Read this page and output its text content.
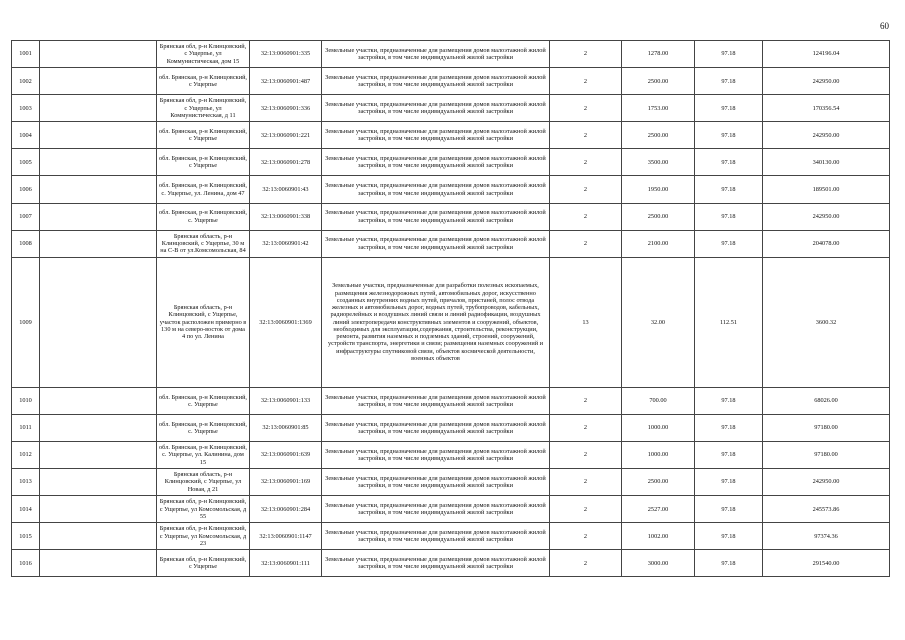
60
1001		Брянская обл, р-н Клинцовский, с Ущерпье, ул Коммунистическая, дом 15	32:13:0060901:335	Земельные участки, предназначенные для размещения домов малоэтажной жилой застройки, в том числе индивидуальной жилой застройки	2	1278.00	97.18	124196.04
1002		обл. Брянская, р-н Клинцовский, с Ущерпье	32:13:0060901:487	Земельные участки, предназначенные для размещения домов малоэтажной жилой застройки, в том числе индивидуальной жилой застройки	2	2500.00	97.18	242950.00
1003		Брянская обл, р-н Клинцовский, с Ущерпье, ул Коммунистическая, д 11	32:13:0060901:336	Земельные участки, предназначенные для размещения домов малоэтажной жилой застройки, в том числе индивидуальной жилой застройки	2	1753.00	97.18	170356.54
1004		обл. Брянская, р-н Клинцовский, с Ущерпье	32:13:0060901:221	Земельные участки, предназначенные для размещения домов малоэтажной жилой застройки, в том числе индивидуальной жилой застройки	2	2500.00	97.18	242950.00
1005		обл. Брянская, р-н Клинцовский, с Ущерпье	32:13:0060901:278	Земельные участки, предназначенные для размещения домов малоэтажной жилой застройки, в том числе индивидуальной жилой застройки	2	3500.00	97.18	340130.00
1006		обл. Брянская, р-н Клинцовский, с. Ущерпье, ул. Ленина, дом 47	32:13:0060901:43	Земельные участки, предназначенные для размещения домов малоэтажной жилой застройки, в том числе индивидуальной жилой застройки	2	1950.00	97.18	189501.00
1007		обл. Брянская, р-н Клинцовский, с. Ущерпье	32:13:0060901:338	Земельные участки, предназначенные для размещения домов малоэтажной жилой застройки, в том числе индивидуальной жилой застройки	2	2500.00	97.18	242950.00
1008		Брянская область, р-н Клинцовский, с Ущерпье, 30 м на С-В от ул.Комсомольская, 84	32:13:0060901:42	Земельные участки, предназначенные для размещения домов малоэтажной жилой застройки, в том числе индивидуальной жилой застройки	2	2100.00	97.18	204078.00
1009		Брянская область, р-н Клинцовский, с Ущерпье, участок расположен примерно в 130 м на северо-восток от дома 4 по ул. Ленина	32:13:0060901:1369	Земельные участки, предназначенные для разработки полезных ископаемых, размещения железнодорожных путей, автомобильных дорог, искусственно созданных внутренних водных путей, причалов, пристаней, полос отвода железных и автомобильных дорог, водных путей, трубопроводов, кабельных, радиорелейных и воздушных линий связи и линий радиофикации, воздушных линий электропередачи конструктивных элементов и сооружений, объектов, необходимых для эксплуатации,содержания, строительства, реконструкции, ремонта, развития наземных и подземных зданий, строений, сооружений, устройств транспорта, энергетики и связи; размещения наземных сооружений и инфраструктуры спутниковой связи, объектов космической деятельности, военных объектов	13	32.00	112.51	3600.32
1010		обл. Брянская, р-н Клинцовский, с. Ущерпье	32:13:0060901:133	Земельные участки, предназначенные для размещения домов малоэтажной жилой застройки, в том числе индивидуальной жилой застройки	2	700.00	97.18	68026.00
1011		обл. Брянская, р-н Клинцовский, с. Ущерпье	32:13:0060901:85	Земельные участки, предназначенные для размещения домов малоэтажной жилой застройки, в том числе индивидуальной жилой застройки	2	1000.00	97.18	97180.00
1012		обл. Брянская, р-н Клинцовский, с. Ущерпье, ул. Калинина, дом 15	32:13:0060901:639	Земельные участки, предназначенные для размещения домов малоэтажной жилой застройки, в том числе индивидуальной жилой застройки	2	1000.00	97.18	97180.00
1013		Брянская область, р-н Клинцовский, с Ущерпье, ул Новая, д 21	32:13:0060901:169	Земельные участки, предназначенные для размещения домов малоэтажной жилой застройки, в том числе индивидуальной жилой застройки	2	2500.00	97.18	242950.00
1014		Брянская обл, р-н Клинцовский, с Ущерпье, ул Комсомольская, д 55	32:13:0060901:284	Земельные участки, предназначенные для размещения домов малоэтажной жилой застройки, в том числе индивидуальной жилой застройки	2	2527.00	97.18	245573.86
1015		Брянская обл, р-н Клинцовский, с Ущерпье, ул Комсомольская, д 23	32:13:0060901:1147	Земельные участки, предназначенные для размещения домов малоэтажной жилой застройки, в том числе индивидуальной жилой застройки	2	1002.00	97.18	97374.36
1016		Брянская обл, р-н Клинцовский, с Ущерпье	32:13:0060901:111	Земельные участки, предназначенные для размещения домов малоэтажной жилой застройки, в том числе индивидуальной жилой застройки	2	3000.00	97.18	291540.00
